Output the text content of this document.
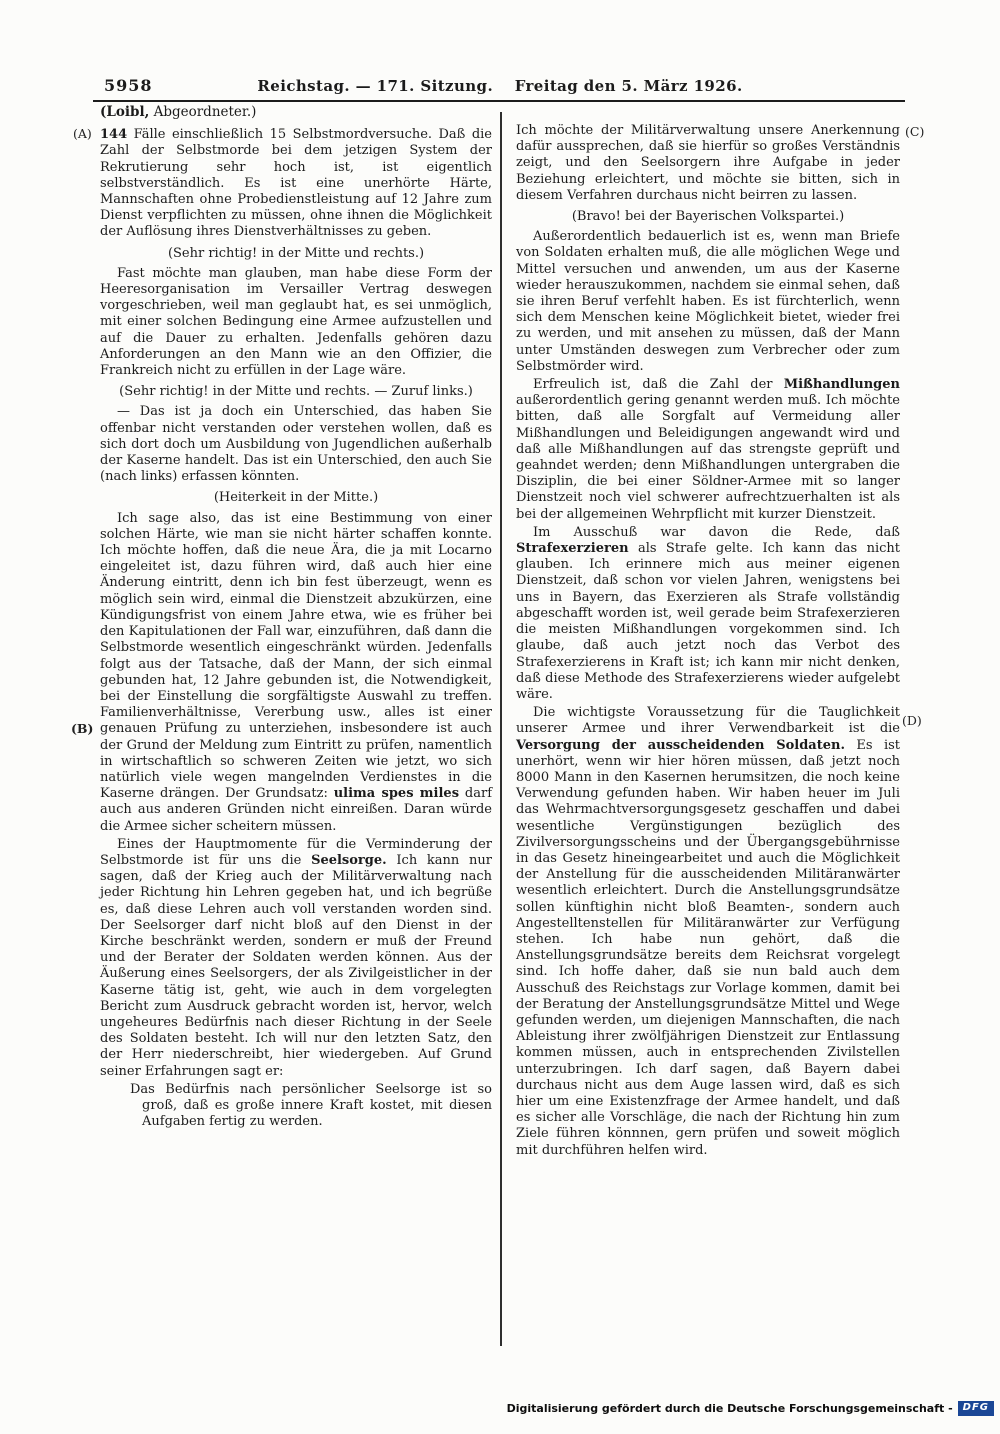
5958	Reichstag. — 171. Sitzung. Freitag den 5. März 1926.
(A)
(B)
(C)
(D)

(Loibl, Abgeordneter.)

144 Fälle einschließlich 15 Selbstmordversuche. Daß die Zahl der Selbstmorde bei dem jetzigen System der Rekrutierung sehr hoch ist, ist eigentlich selbstverständlich. Es ist eine unerhörte Härte, Mannschaften ohne Probedienstleistung auf 12 Jahre zum Dienst verpflichten zu müssen, ohne ihnen die Möglichkeit der Auflösung ihres Dienstverhältnisses zu geben.

(Sehr richtig! in der Mitte und rechts.)

Fast möchte man glauben, man habe diese Form der Heeresorganisation im Versailler Vertrag deswegen vorgeschrieben, weil man geglaubt hat, es sei unmöglich, mit einer solchen Bedingung eine Armee aufzustellen und auf die Dauer zu erhalten. Jedenfalls gehören dazu Anforderungen an den Mann wie an den Offizier, die Frankreich nicht zu erfüllen in der Lage wäre.

(Sehr richtig! in der Mitte und rechts. — Zuruf links.)

— Das ist ja doch ein Unterschied, das haben Sie offenbar nicht verstanden oder verstehen wollen, daß es sich dort doch um Ausbildung von Jugendlichen außerhalb der Kaserne handelt. Das ist ein Unterschied, den auch Sie (nach links) erfassen könnten.

(Heiterkeit in der Mitte.)

Ich sage also, das ist eine Bestimmung von einer solchen Härte, wie man sie nicht härter schaffen konnte. Ich möchte hoffen, daß die neue Ära, die ja mit Locarno eingeleitet ist, dazu führen wird, daß auch hier eine Änderung eintritt, denn ich bin fest überzeugt, wenn es möglich sein wird, einmal die Dienstzeit abzukürzen, eine Kündigungsfrist von einem Jahre etwa, wie es früher bei den Kapitulationen der Fall war, einzuführen, daß dann die Selbstmorde wesentlich eingeschränkt würden. Jedenfalls folgt aus der Tatsache, daß der Mann, der sich einmal gebunden hat, 12 Jahre gebunden ist, die Notwendigkeit, bei der Einstellung die sorgfältigste Auswahl zu treffen. Familienverhältnisse, Vererbung usw., alles ist einer genauen Prüfung zu unterziehen, insbesondere ist auch der Grund der Meldung zum Eintritt zu prüfen, namentlich in wirtschaftlich so schweren Zeiten wie jetzt, wo sich natürlich viele wegen mangelnden Verdienstes in die Kaserne drängen. Der Grundsatz: ulima spes miles darf auch aus anderen Gründen nicht einreißen. Daran würde die Armee sicher scheitern müssen.

Eines der Hauptmomente für die Verminderung der Selbstmorde ist für uns die Seelsorge. Ich kann nur sagen, daß der Krieg auch der Militärverwaltung nach jeder Richtung hin Lehren gegeben hat, und ich begrüße es, daß diese Lehren auch voll verstanden worden sind. Der Seelsorger darf nicht bloß auf den Dienst in der Kirche beschränkt werden, sondern er muß der Freund und der Berater der Soldaten werden können. Aus der Äußerung eines Seelsorgers, der als Zivilgeistlicher in der Kaserne tätig ist, geht, wie auch in dem vorgelegten Bericht zum Ausdruck gebracht worden ist, hervor, welch ungeheures Bedürfnis nach dieser Richtung in der Seele des Soldaten besteht. Ich will nur den letzten Satz, den der Herr niederschreibt, hier wiedergeben. Auf Grund seiner Erfahrungen sagt er:

Das Bedürfnis nach persönlicher Seelsorge ist so groß, daß es große innere Kraft kostet, mit diesen Aufgaben fertig zu werden.

Ich möchte der Militärverwaltung unsere Anerkennung dafür aussprechen, daß sie hierfür so großes Verständnis zeigt, und den Seelsorgern ihre Aufgabe in jeder Beziehung erleichtert, und möchte sie bitten, sich in diesem Verfahren durchaus nicht beirren zu lassen.

(Bravo! bei der Bayerischen Volkspartei.)

Außerordentlich bedauerlich ist es, wenn man Briefe von Soldaten erhalten muß, die alle möglichen Wege und Mittel versuchen und anwenden, um aus der Kaserne wieder herauszukommen, nachdem sie einmal sehen, daß sie ihren Beruf verfehlt haben. Es ist fürchterlich, wenn sich dem Menschen keine Möglichkeit bietet, wieder frei zu werden, und mit ansehen zu müssen, daß der Mann unter Umständen deswegen zum Verbrecher oder zum Selbstmörder wird.

Erfreulich ist, daß die Zahl der Mißhandlungen außerordentlich gering genannt werden muß. Ich möchte bitten, daß alle Sorgfalt auf Vermeidung aller Mißhandlungen und Beleidigungen angewandt wird und daß alle Mißhandlungen auf das strengste geprüft und geahndet werden; denn Mißhandlungen untergraben die Disziplin, die bei einer Söldner-Armee mit so langer Dienstzeit noch viel schwerer aufrechtzuerhalten ist als bei der allgemeinen Wehrpflicht mit kurzer Dienstzeit.

Im Ausschuß war davon die Rede, daß Strafexerzieren als Strafe gelte. Ich kann das nicht glauben. Ich erinnere mich aus meiner eigenen Dienstzeit, daß schon vor vielen Jahren, wenigstens bei uns in Bayern, das Exerzieren als Strafe vollständig abgeschafft worden ist, weil gerade beim Strafexerzieren die meisten Mißhandlungen vorgekommen sind. Ich glaube, daß auch jetzt noch das Verbot des Strafexerzierens in Kraft ist; ich kann mir nicht denken, daß diese Methode des Strafexerzierens wieder aufgelebt wäre.

Die wichtigste Voraussetzung für die Tauglichkeit unserer Armee und ihrer Verwendbarkeit ist die Versorgung der ausscheidenden Soldaten. Es ist unerhört, wenn wir hier hören müssen, daß jetzt noch 8000 Mann in den Kasernen herumsitzen, die noch keine Verwendung gefunden haben. Wir haben heuer im Juli das Wehrmachtversorgungsgesetz geschaffen und dabei wesentliche Vergünstigungen bezüglich des Zivilversorgungsscheins und der Übergangsgebührnisse in das Gesetz hineingearbeitet und auch die Möglichkeit der Anstellung für die ausscheidenden Militäranwärter wesentlich erleichtert. Durch die Anstellungsgrundsätze sollen künftighin nicht bloß Beamten-, sondern auch Angestelltenstellen für Militäranwärter zur Verfügung stehen. Ich habe nun gehört, daß die Anstellungsgrundsätze bereits dem Reichsrat vorgelegt sind. Ich hoffe daher, daß sie nun bald auch dem Ausschuß des Reichstags zur Vorlage kommen, damit bei der Beratung der Anstellungsgrundsätze Mittel und Wege gefunden werden, um diejenigen Mannschaften, die nach Ableistung ihrer zwölfjährigen Dienstzeit zur Entlassung kommen müssen, auch in entsprechenden Zivilstellen unterzubringen. Ich darf sagen, daß Bayern dabei durchaus nicht aus dem Auge lassen wird, daß es sich hier um eine Existenzfrage der Armee handelt, und daß es sicher alle Vorschläge, die nach der Richtung hin zum Ziele führen könnnen, gern prüfen und soweit möglich mit durchführen helfen wird.

Digitalisierung gefördert durch die Deutsche Forschungsgemeinschaft -	DFG
